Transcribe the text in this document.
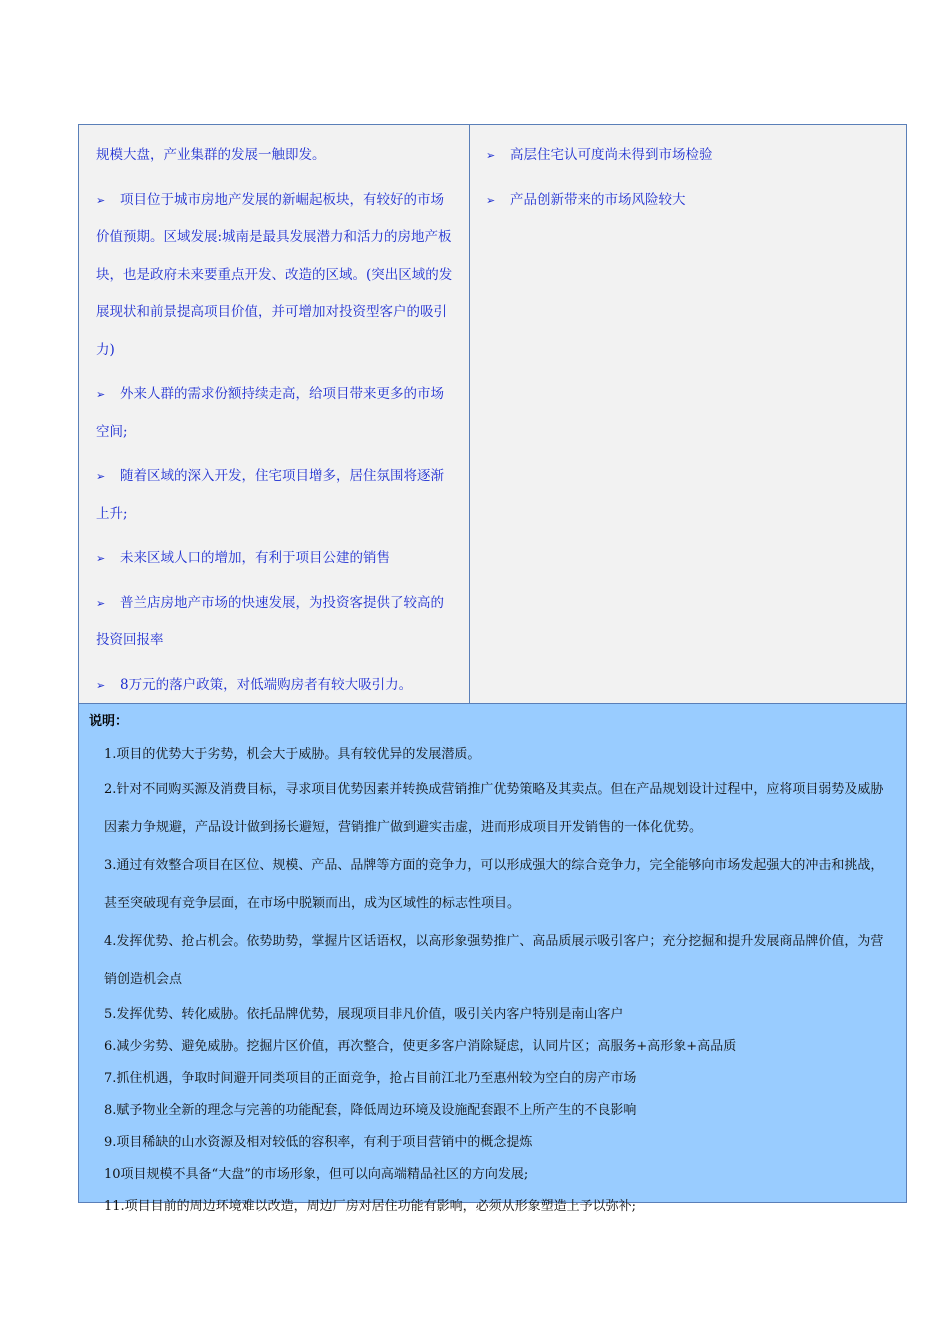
规模大盘，产业集群的发展一触即发。

➢ 项目位于城市房地产发展的新崛起板块，有较好的市场价值预期。区域发展:城南是最具发展潜力和活力的房地产板块，也是政府未来要重点开发、改造的区域。(突出区域的发展现状和前景提高项目价值，并可增加对投资型客户的吸引力)

➢ 外来人群的需求份额持续走高，给项目带来更多的市场空间;

➢ 随着区域的深入开发，住宅项目增多，居住氛围将逐渐上升;

➢ 未来区域人口的增加，有利于项目公建的销售

➢ 普兰店房地产市场的快速发展，为投资客提供了较高的投资回报率

➢ 8万元的落户政策，对低端购房者有较大吸引力。

➢ 高层住宅认可度尚未得到市场检验

➢ 产品创新带来的市场风险较大

说明：

1.项目的优势大于劣势，机会大于威胁。具有较优异的发展潜质。

2.针对不同购买源及消费目标，寻求项目优势因素并转换成营销推广优势策略及其卖点。但在产品规划设计过程中，应将项目弱势及威胁因素力争规避，产品设计做到扬长避短，营销推广做到避实击虚，进而形成项目开发销售的一体化优势。

3.通过有效整合项目在区位、规模、产品、品牌等方面的竞争力，可以形成强大的综合竞争力，完全能够向市场发起强大的冲击和挑战，甚至突破现有竞争层面，在市场中脱颖而出，成为区域性的标志性项目。

4.发挥优势、抢占机会。依势助势，掌握片区话语权，以高形象强势推广、高品质展示吸引客户；充分挖掘和提升发展商品牌价值，为营销创造机会点

5.发挥优势、转化威胁。依托品牌优势，展现项目非凡价值，吸引关内客户特别是南山客户

6.减少劣势、避免威胁。挖掘片区价值，再次整合，使更多客户消除疑虑，认同片区；高服务+高形象+高品质

7.抓住机遇，争取时间避开同类项目的正面竞争，抢占目前江北乃至惠州较为空白的房产市场

8.赋予物业全新的理念与完善的功能配套，降低周边环境及设施配套跟不上所产生的不良影响

9.项目稀缺的山水资源及相对较低的容积率，有利于项目营销中的概念提炼

10项目规模不具备“大盘”的市场形象，但可以向高端精品社区的方向发展;

11.项目目前的周边环境难以改造，周边厂房对居住功能有影响，必须从形象塑造上予以弥补;
